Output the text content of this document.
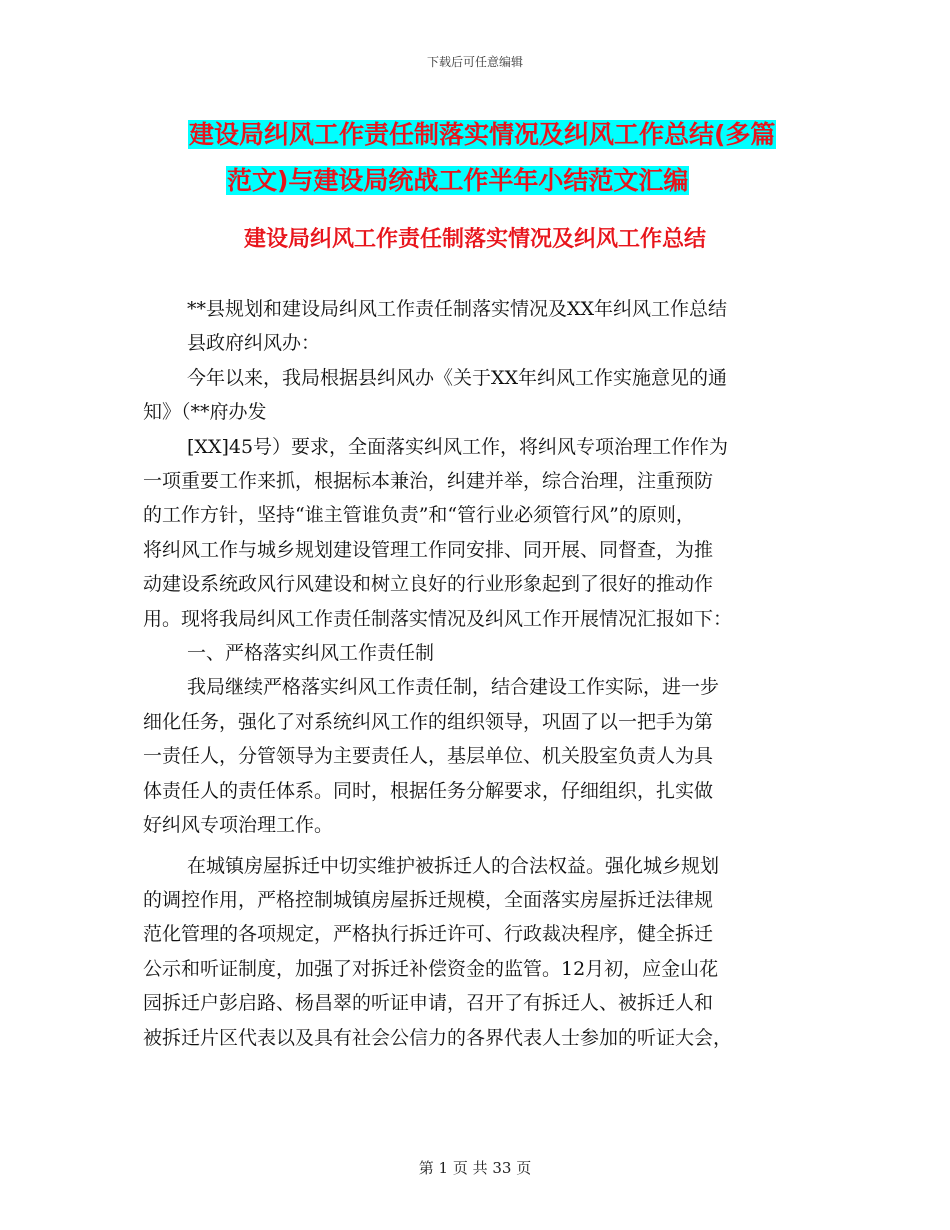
下载后可任意编辑
建设局纠风工作责任制落实情况及纠风工作总结(多篇
范文)与建设局统战工作半年小结范文汇编
建设局纠风工作责任制落实情况及纠风工作总结

**县规划和建设局纠风工作责任制落实情况及XX年纠风工作总结

县政府纠风办：

今年以来，我局根据县纠风办《关于XX年纠风工作实施意见的通

知》（**府办发

[XX]45号）要求，全面落实纠风工作，将纠风专项治理工作作为

一项重要工作来抓，根据标本兼治，纠建并举，综合治理，注重预防

的工作方针，坚持“谁主管谁负责”和“管行业必须管行风”的原则，

将纠风工作与城乡规划建设管理工作同安排、同开展、同督查，为推

动建设系统政风行风建设和树立良好的行业形象起到了很好的推动作

用。现将我局纠风工作责任制落实情况及纠风工作开展情况汇报如下：

一、严格落实纠风工作责任制

我局继续严格落实纠风工作责任制，结合建设工作实际，进一步

细化任务，强化了对系统纠风工作的组织领导，巩固了以一把手为第

一责任人，分管领导为主要责任人，基层单位、机关股室负责人为具

体责任人的责任体系。同时，根据任务分解要求，仔细组织，扎实做

好纠风专项治理工作。

在城镇房屋拆迁中切实维护被拆迁人的合法权益。强化城乡规划

的调控作用，严格控制城镇房屋拆迁规模，全面落实房屋拆迁法律规

范化管理的各项规定，严格执行拆迁许可、行政裁决程序，健全拆迁

公示和听证制度，加强了对拆迁补偿资金的监管。12月初，应金山花

园拆迁户彭启路、杨昌翠的听证申请，召开了有拆迁人、被拆迁人和

被拆迁片区代表以及具有社会公信力的各界代表人士参加的听证大会，

第 1 页 共 33 页
